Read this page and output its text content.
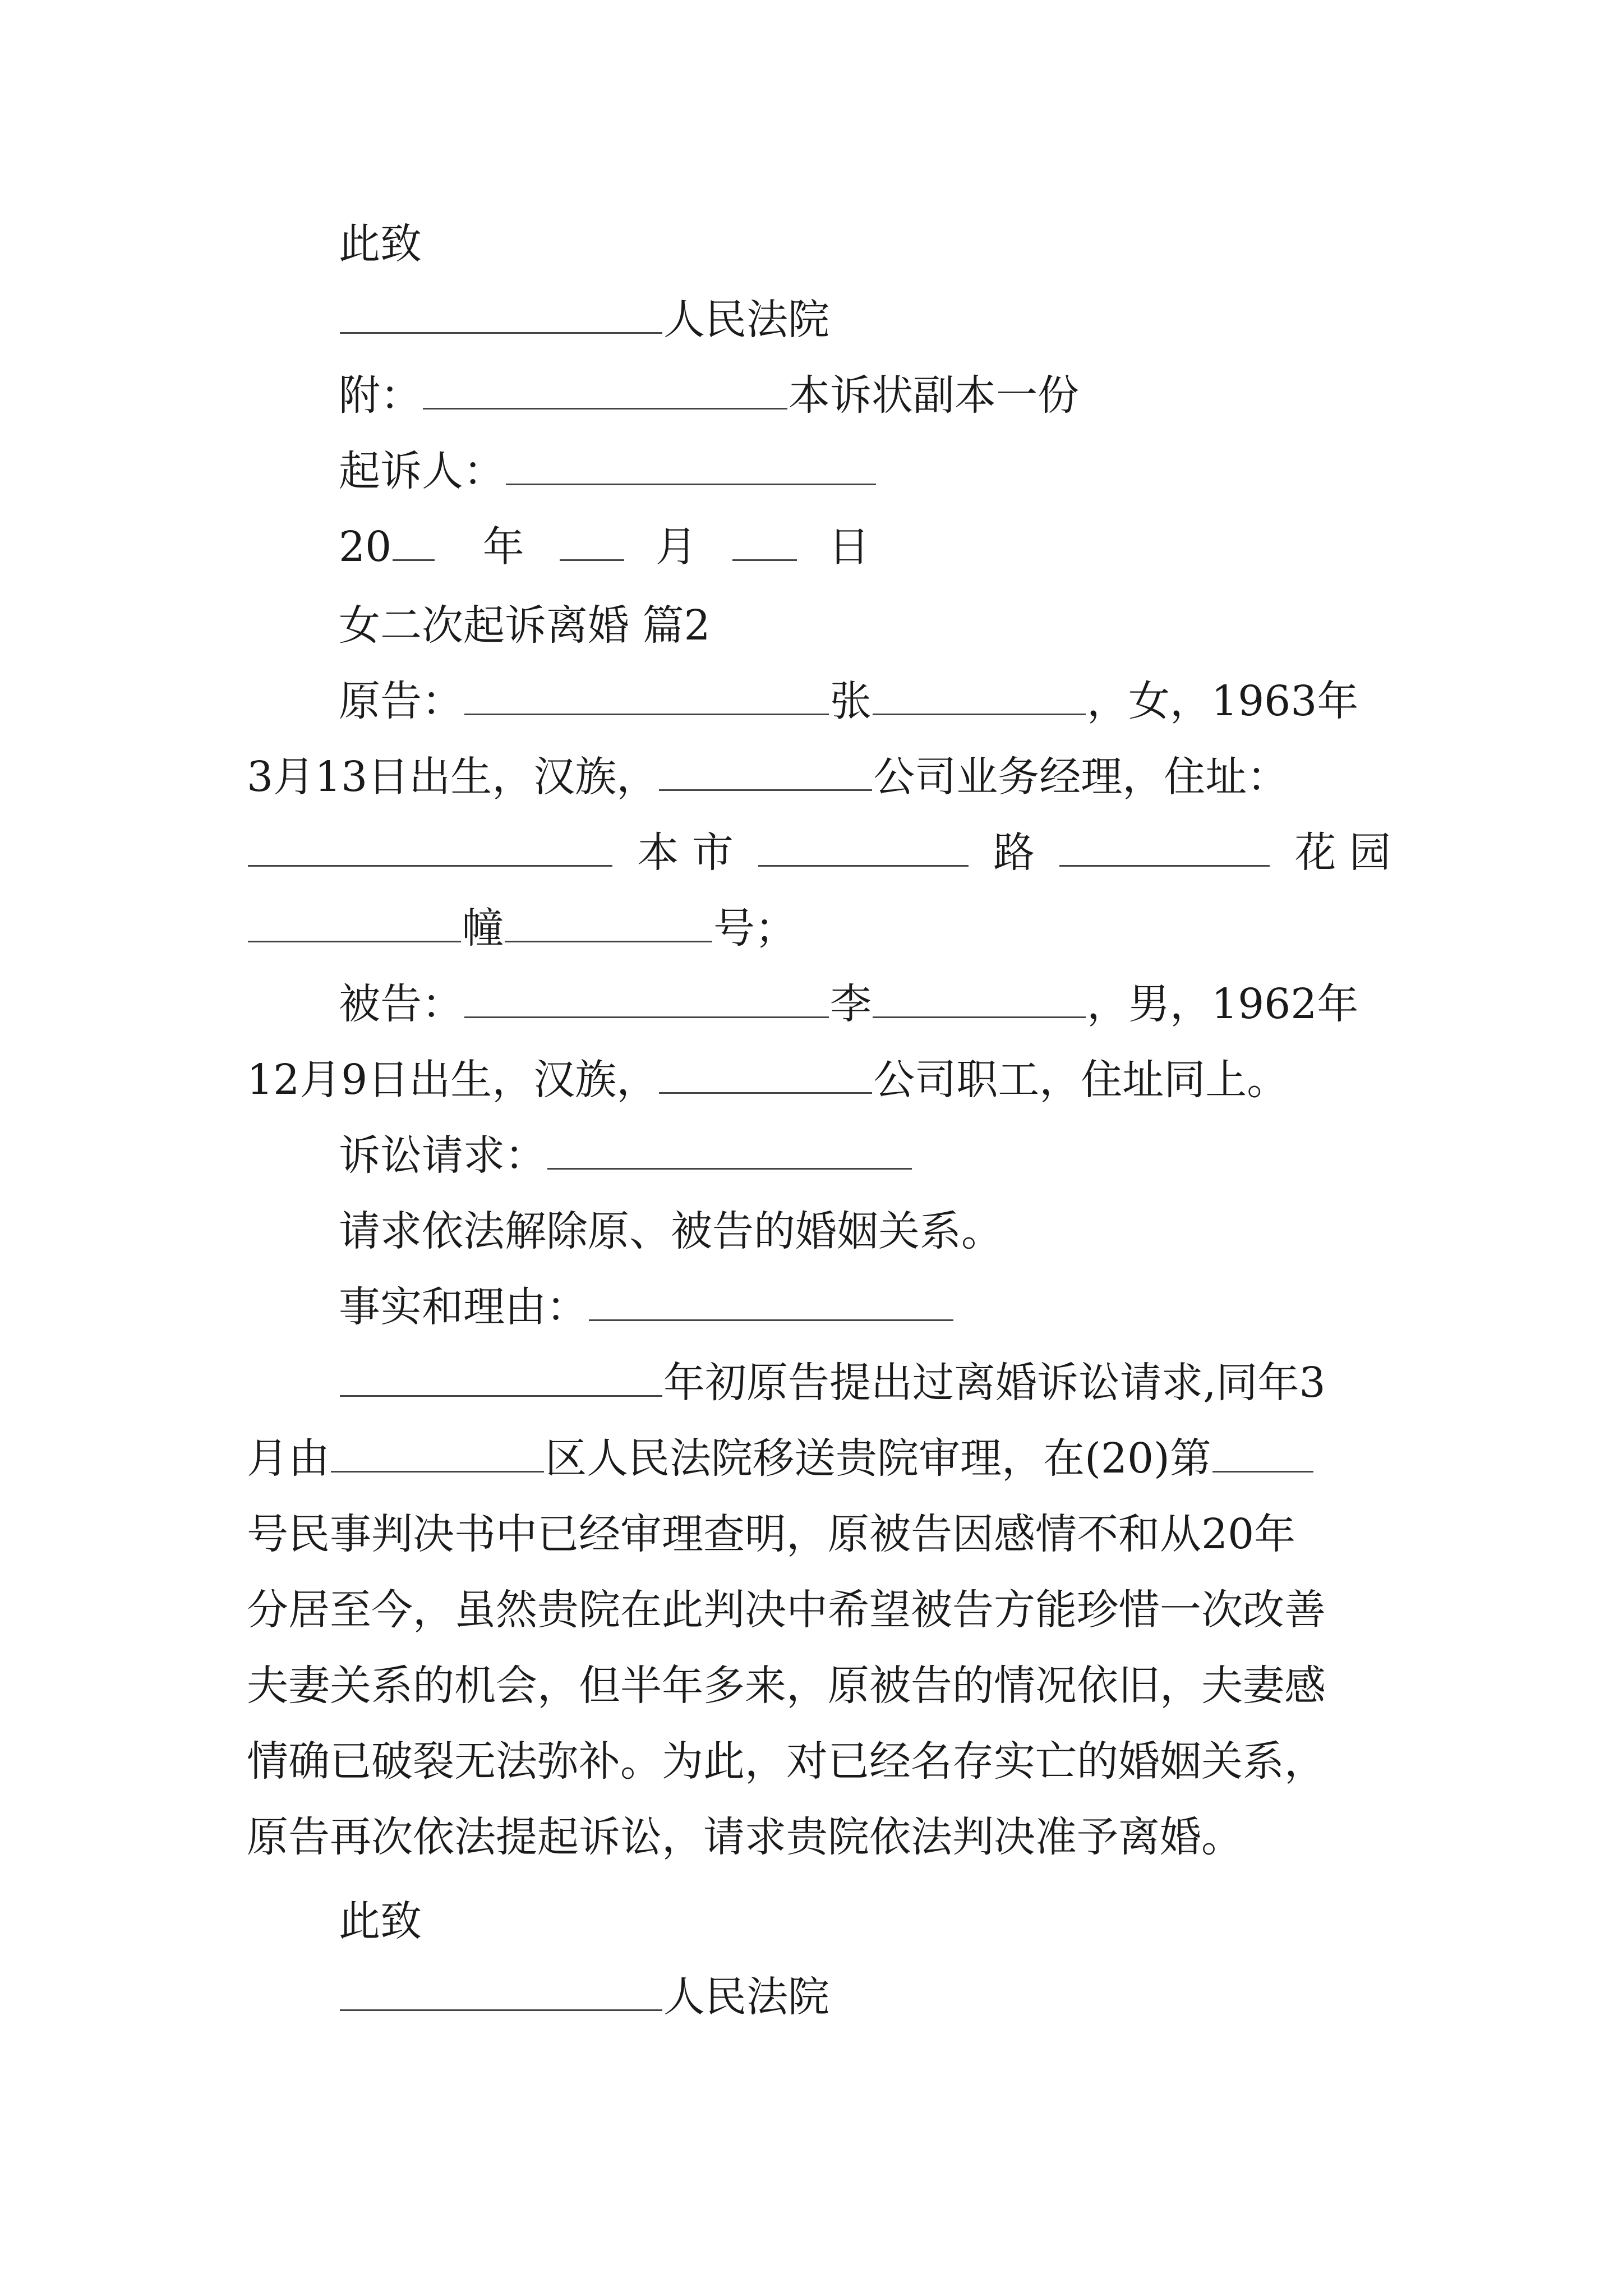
此致
人民法院
附：	本诉状副本一份
起诉人：
20 年	月	日
女二次起诉离婚 篇2
原告：	张	，女，1963年
3月13日出生，汉族，	公司业务经理，住址：
本 市	路	花 园
幢	号；
被告：	李	，男，1962年
12月9日出生，汉族，	公司职工，住址同上。
诉讼请求：
请求依法解除原、被告的婚姻关系。
事实和理由：
年初原告提出过离婚诉讼请求,同年3
月由	区人民法院移送贵院审理，在(20)第
号民事判决书中已经审理查明，原被告因感情不和从20年
分居至今，虽然贵院在此判决中希望被告方能珍惜一次改善
夫妻关系的机会，但半年多来，原被告的情况依旧，夫妻感
情确已破裂无法弥补。为此，对已经名存实亡的婚姻关系，
原告再次依法提起诉讼，请求贵院依法判决准予离婚。
此致
人民法院
